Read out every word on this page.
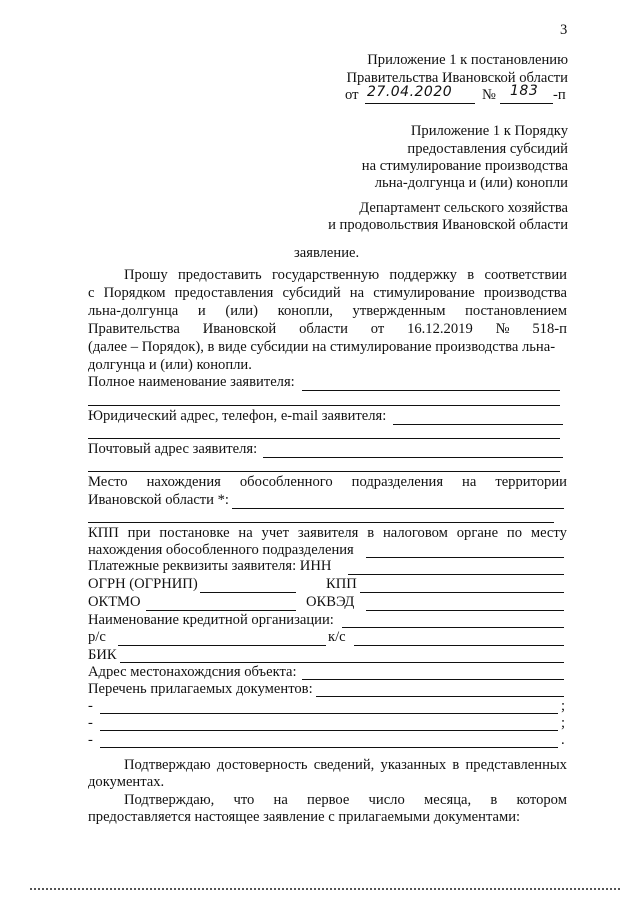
3
Приложение 1 к постановлению
Правительства Ивановской области
от 27.04.2020 № 183 -п
Приложение 1 к Порядку
предоставления субсидий
на стимулирование производства
льна-долгунца и (или) конопли
Департамент сельского хозяйства
и продовольствия Ивановской области
заявление.
Прошу предоставить государственную поддержку в соответствии
с Порядком предоставления субсидий на стимулирование производства
льна-долгунца и (или) конопли, утвержденным постановлением
Правительства Ивановской области от 16.12.2019 № 518-п
(далее – Порядок), в виде субсидии на стимулирование производства льна-
долгунца и (или) конопли.
Полное наименование заявителя:
Юридический адрес, телефон, e-mail заявителя:
Почтовый адрес заявителя:
Место нахождения обособленного подразделения на территории
Ивановской области *:
КПП при постановке на учет заявителя в налоговом органе по месту
нахождения обособленного подразделения
Платежные реквизиты заявителя: ИНН
ОГРН (ОГРНИП)	КПП
ОКТМО	ОКВЭД
Наименование кредитной организации:
р/с	к/с
БИК
Адрес местонахождсния объекта:
Перечень прилагаемых документов:
-	;
-	;
-	.
Подтверждаю достоверность сведений, указанных в представленных
документах.
Подтверждаю, что на первое число месяца, в котором
предоставляется настоящее заявление с прилагаемыми документами:
